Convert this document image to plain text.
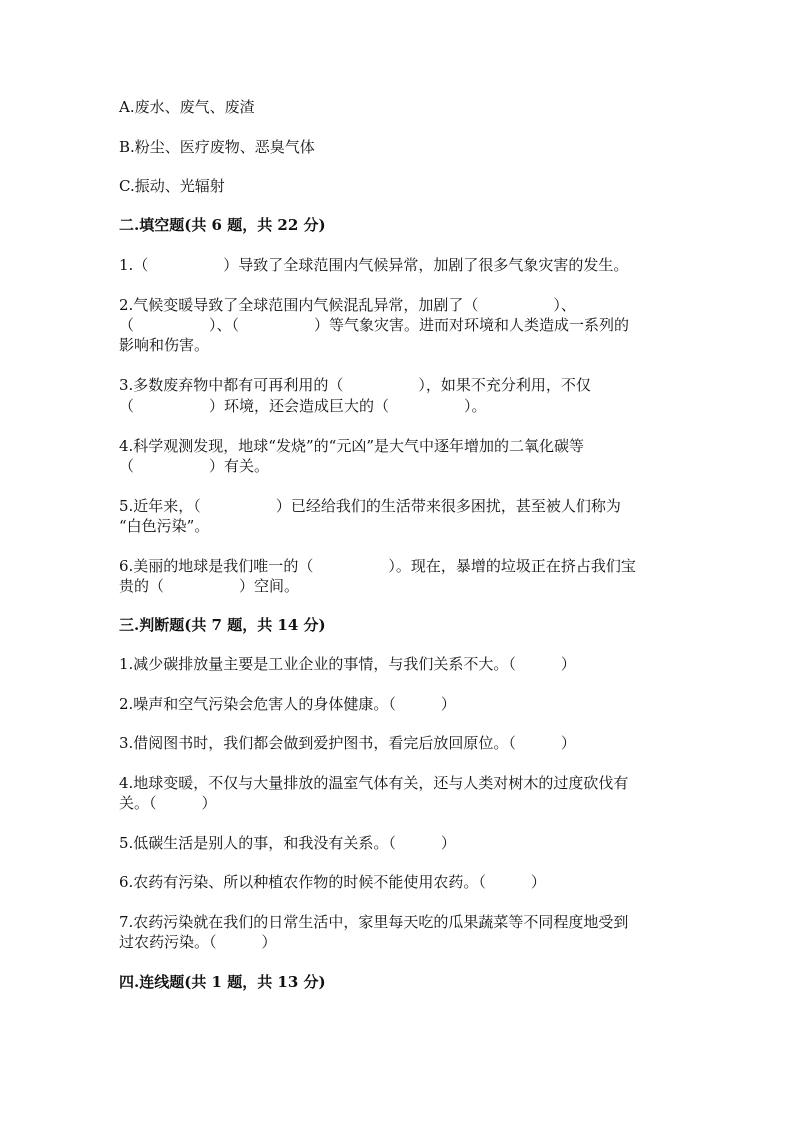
A.废水、废气、废渣
B.粉尘、医疗废物、恶臭气体
C.振动、光辐射
二.填空题(共 6 题，共 22 分)
1.（　　　　　）导致了全球范围内气候异常，加剧了很多气象灾害的发生。
2.气候变暖导致了全球范围内气候混乱异常，加剧了（　　　　　）、
（　　　　　）、（　　　　　）等气象灾害。进而对环境和人类造成一系列的
影响和伤害。
3.多数废弃物中都有可再利用的（　　　　　），如果不充分利用，不仅
（　　　　　）环境，还会造成巨大的（　　　　　）。
4.科学观测发现，地球“发烧”的“元凶”是大气中逐年增加的二氧化碳等
（　　　　　）有关。
5.近年来，（　　　　　）已经给我们的生活带来很多困扰，甚至被人们称为
“白色污染”。
6.美丽的地球是我们唯一的（　　　　　）。现在，暴增的垃圾正在挤占我们宝
贵的（　　　　　）空间。
三.判断题(共 7 题，共 14 分)
1.减少碳排放量主要是工业企业的事情，与我们关系不大。（　　　）
2.噪声和空气污染会危害人的身体健康。（　　　）
3.借阅图书时，我们都会做到爱护图书，看完后放回原位。（　　　）
4.地球变暖，不仅与大量排放的温室气体有关，还与人类对树木的过度砍伐有
关。（　　　）
5.低碳生活是别人的事，和我没有关系。（　　　）
6.农药有污染、所以种植农作物的时候不能使用农药。（　　　）
7.农药污染就在我们的日常生活中，家里每天吃的瓜果蔬菜等不同程度地受到
过农药污染。（　　　）
四.连线题(共 1 题，共 13 分)
